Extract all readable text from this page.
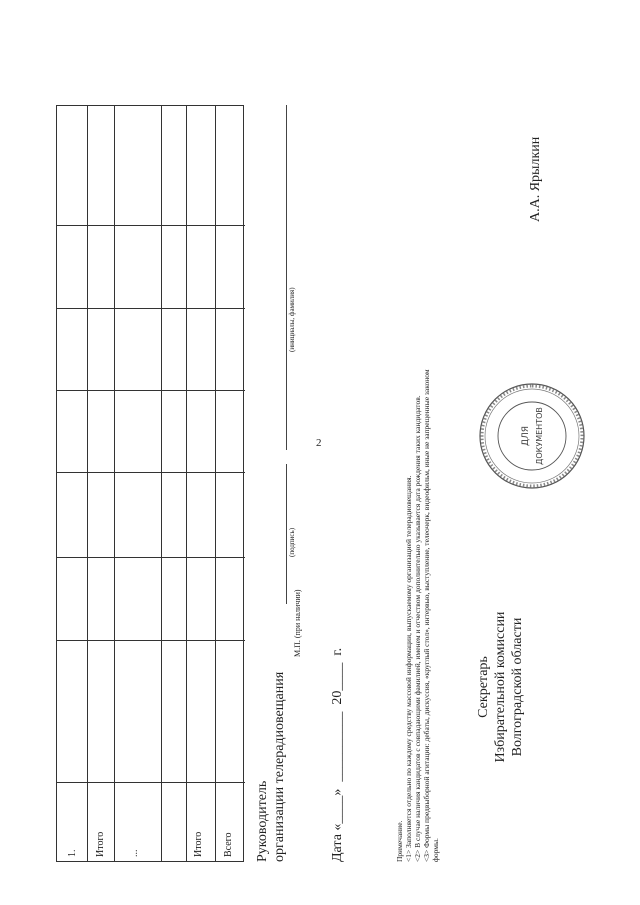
2
1. Итого ...	Итого Всего Руководитель организации телерадиовещания
(подпись)
(инициалы, фамилия)
М.П. (при наличии)
Дата «____»  __________  20____  г.	Примечание. <1> Заполняется отдельно по каждому средству массовой информации, выпускаемому организацией телерадиовещания. <2> В случае наличия кандидатов с совпадающими фамилией, именем и отчеством дополнительно указывается дата рождения таких кандидатов. <3> Формы предвыборной агитации: дебаты, дискуссия, «круглый стол», интервью, выступление, телеочерк, видеофильм, иные не запрещенные законом формы.
Секретарь Избирательной комиссии Волгоградской области
А.А. Ярылкин
ДЛЯ ДОКУМЕНТОВ
